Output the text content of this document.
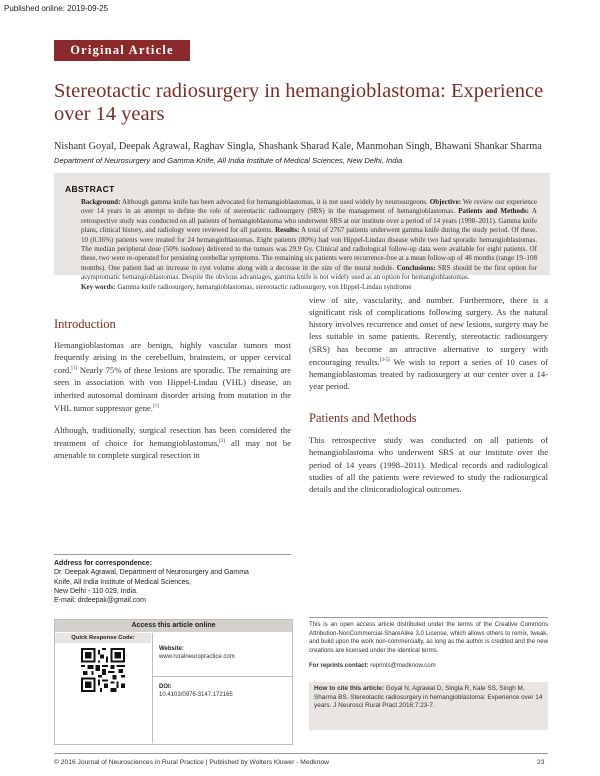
Published online: 2019-09-25
Original Article
Stereotactic radiosurgery in hemangioblastoma: Experience over 14 years
Nishant Goyal, Deepak Agrawal, Raghav Singla, Shashank Sharad Kale, Manmohan Singh, Bhawani Shankar Sharma
Department of Neurosurgery and Gamma Knife, All India Institute of Medical Sciences, New Delhi, India
ABSTRACT
Background: Although gamma knife has been advocated for hemangioblastomas, it is not used widely by neurosurgeons. Objective: We review our experience over 14 years in an attempt to define the role of stereotactic radiosurgery (SRS) in the management of hemangioblastomas. Patients and Methods: A retrospective study was conducted on all patients of hemangioblastoma who underwent SRS at our institute over a period of 14 years (1998–2011). Gamma knife plans, clinical history, and radiology were reviewed for all patients. Results: A total of 2767 patients underwent gamma knife during the study period. Of these, 10 (0.36%) patients were treated for 24 hemangioblastomas. Eight patients (80%) had von Hippel-Lindau disease while two had sporadic hemangioblastomas. The median peripheral dose (50% isodose) delivered to the tumors was 29.9 Gy. Clinical and radiological follow-up data were available for eight patients. Of these, two were re-operated for persisting cerebellar symptoms. The remaining six patients were recurrence-free at a mean follow-up of 48 months (range 19–108 months). One patient had an increase in cyst volume along with a decrease in the size of the mural nodule. Conclusions: SRS should be the first option for asymptomatic hemangioblastomas. Despite the obvious advantages, gamma knife is not widely used as an option for hemangioblastomas.
Key words: Gamma knife radiosurgery, hemangioblastomas, stereotactic radiosurgery, von Hippel-Lindau syndrome
Introduction

Hemangioblastomas are benign, highly vascular tumors most frequently arising in the cerebellum, brainstem, or upper cervical cord.[1] Nearly 75% of these lesions are sporadic. The remaining are seen in association with von Hippel-Lindau (VHL) disease, an inherited autosomal dominant disorder arising from mutation in the VHL tumor suppressor gene.[1]

Although, traditionally, surgical resection has been considered the treatment of choice for hemangioblastomas,[2] all may not be amenable to complete surgical resection in

view of site, vascularity, and number. Furthermore, there is a significant risk of complications following surgery. As the natural history involves recurrence and onset of new lesions, surgery may be less suitable in some patients. Recently, stereotactic radiosurgery (SRS) has become an attractive alternative to surgery with encouraging results.[3-5] We wish to report a series of 10 cases of hemangioblastomas treated by radiosurgery at our center over a 14-year period.

Patients and Methods

This retrospective study was conducted on all patients of hemangioblastoma who underwent SRS at our institute over the period of 14 years (1998–2011). Medical records and radiological studies of all the patients were reviewed to study the radiosurgical details and the clinicoradiological outcomes.

Address for correspondence:
Dr. Deepak Agrawal, Department of Neurosurgery and Gamma
Knife, All India Institute of Medical Sciences,
New Delhi - 110 029, India.
E-mail: drdeepak@gmail.com
Access this article online
Quick Response Code:
Website:
www.ruralneuropractice.com
DOI:
10.4103/0976-3147.172165
This is an open access article distributed under the terms of the Creative Commons Attribution-NonCommercial-ShareAlike 3.0 License, which allows others to remix, tweak, and build upon the work non-commercially, as long as the author is credited and the new creations are licensed under the identical terms.
For reprints contact: reprints@medknow.com
How to cite this article: Goyal N, Agrawal D, Singla R, Kale SS, Singh M, Sharma BS. Stereotactic radiosurgery in hemangioblastoma: Experience over 14 years. J Neurosci Rural Pract 2016;7:23-7.
© 2016 Journal of Neurosciences in Rural Practice | Published by Wolters Kluwer - Medknow	23
